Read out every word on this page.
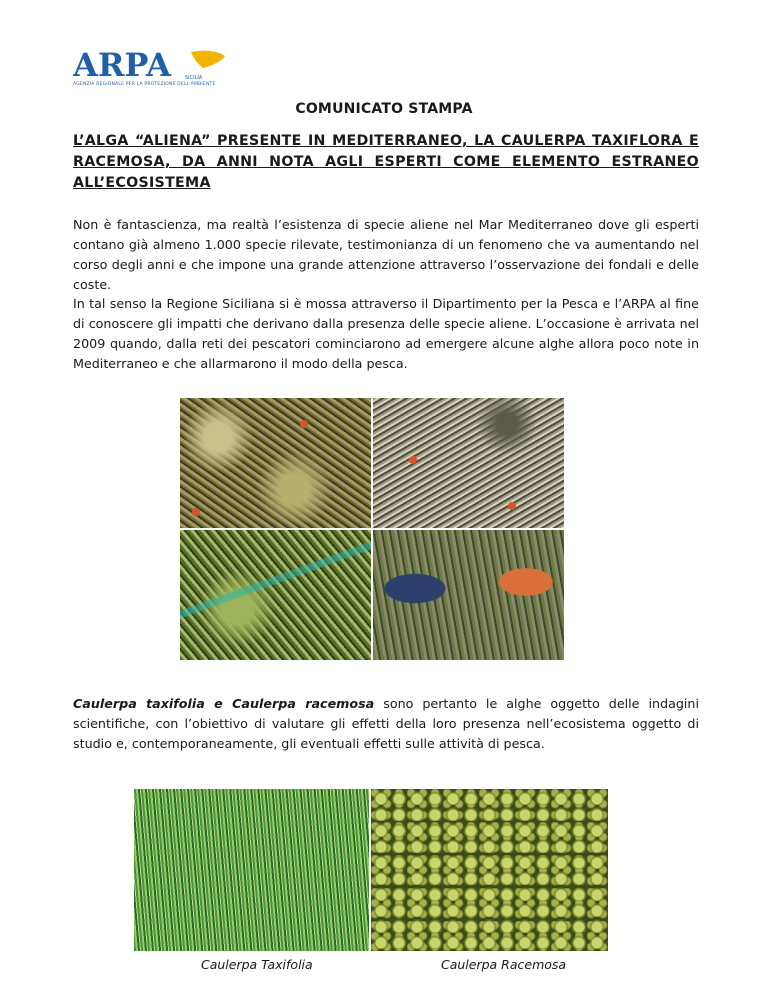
ARPA	SICILIA
AGENZIA REGIONALE PER LA PROTEZIONE DELL'AMBIENTE
COMUNICATO STAMPA
L’ALGA “ALIENA” PRESENTE IN MEDITERRANEO, LA CAULERPA TAXIFLORA E RACEMOSA, DA ANNI NOTA AGLI ESPERTI COME ELEMENTO ESTRANEO ALL’ECOSISTEMA
Non è fantascienza, ma realtà l’esistenza di specie aliene nel Mar Mediterraneo dove gli esperti contano già almeno 1.000 specie rilevate, testimonianza di un fenomeno che va aumentando nel corso degli anni e che impone una grande attenzione attraverso l’osservazione dei fondali e delle coste.
In tal senso la Regione Siciliana si è mossa attraverso il Dipartimento per la Pesca e l’ARPA al fine di conoscere gli impatti che derivano dalla presenza delle specie aliene. L’occasione è arrivata nel 2009 quando, dalla reti dei pescatori cominciarono ad emergere alcune alghe allora poco note in Mediterraneo e che allarmarono il modo della pesca.
Caulerpa taxifolia e Caulerpa racemosa sono pertanto le alghe oggetto delle indagini scientifiche, con l’obiettivo di valutare gli effetti della loro presenza nell’ecosistema oggetto di studio e, contemporaneamente, gli eventuali effetti sulle attività di pesca.
Caulerpa Taxifolia	Caulerpa Racemosa
